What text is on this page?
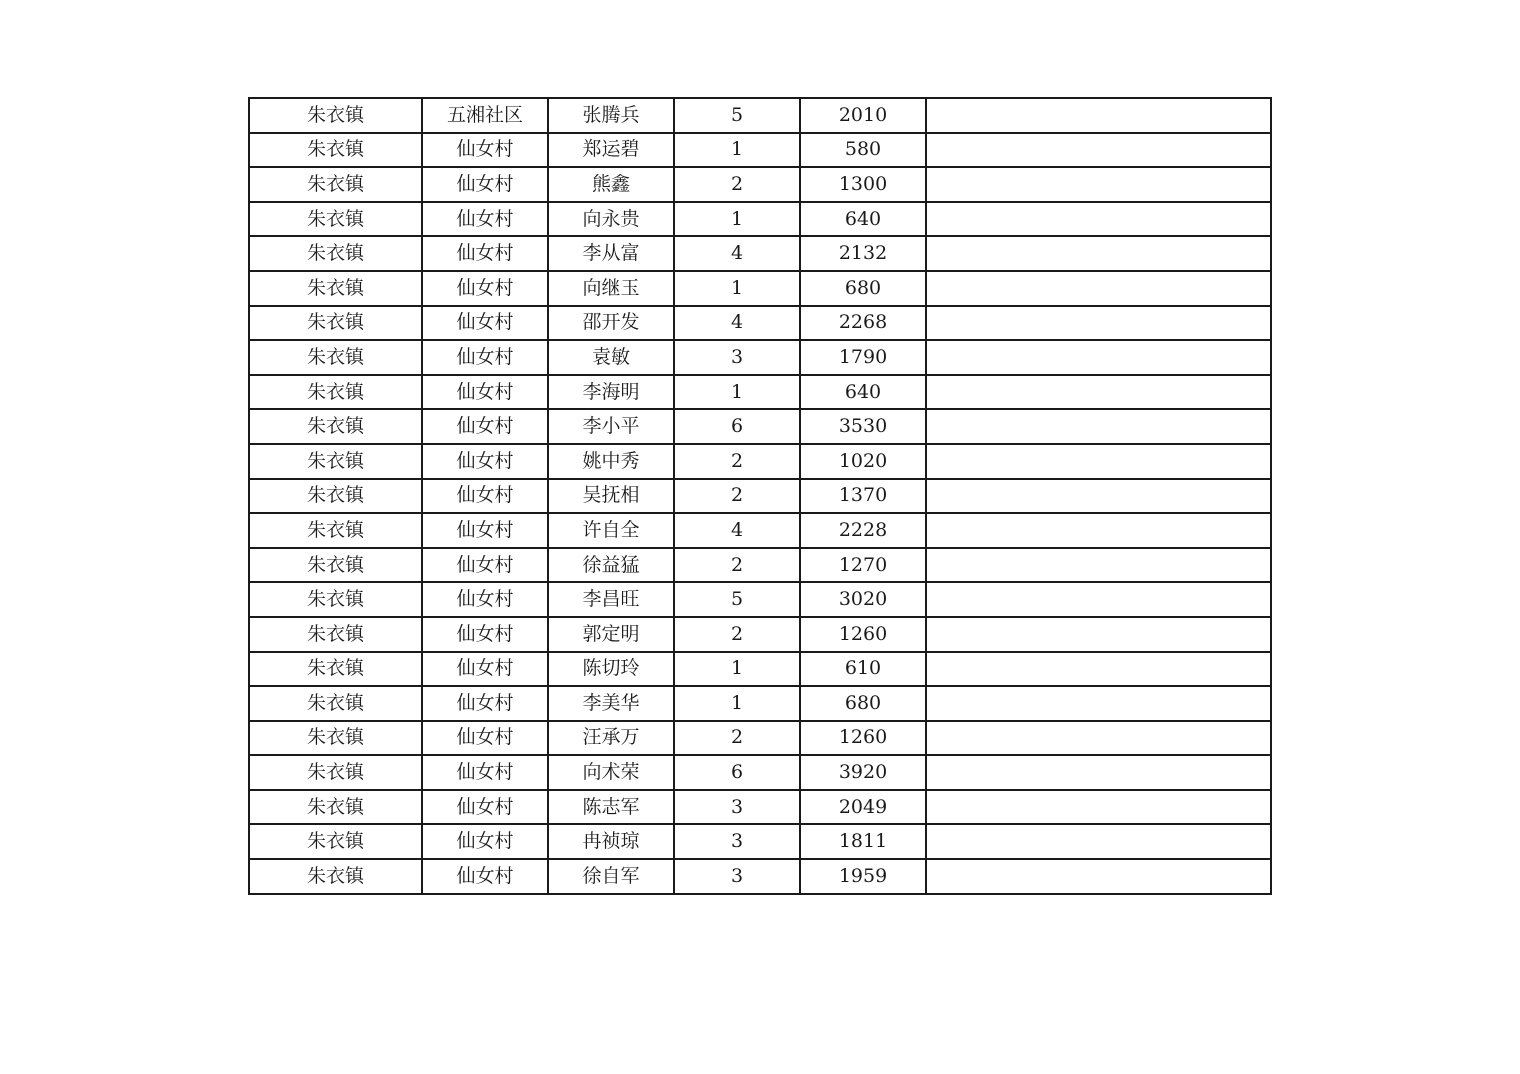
朱衣镇	五湘社区	张腾兵	5	2010	
朱衣镇	仙女村	郑运碧	1	580	
朱衣镇	仙女村	熊鑫	2	1300	
朱衣镇	仙女村	向永贵	1	640	
朱衣镇	仙女村	李从富	4	2132	
朱衣镇	仙女村	向继玉	1	680	
朱衣镇	仙女村	邵开发	4	2268	
朱衣镇	仙女村	袁敏	3	1790	
朱衣镇	仙女村	李海明	1	640	
朱衣镇	仙女村	李小平	6	3530	
朱衣镇	仙女村	姚中秀	2	1020	
朱衣镇	仙女村	吴抚相	2	1370	
朱衣镇	仙女村	许自全	4	2228	
朱衣镇	仙女村	徐益猛	2	1270	
朱衣镇	仙女村	李昌旺	5	3020	
朱衣镇	仙女村	郭定明	2	1260	
朱衣镇	仙女村	陈切玲	1	610	
朱衣镇	仙女村	李美华	1	680	
朱衣镇	仙女村	汪承万	2	1260	
朱衣镇	仙女村	向术荣	6	3920	
朱衣镇	仙女村	陈志军	3	2049	
朱衣镇	仙女村	冉祯琼	3	1811	
朱衣镇	仙女村	徐自军	3	1959	
